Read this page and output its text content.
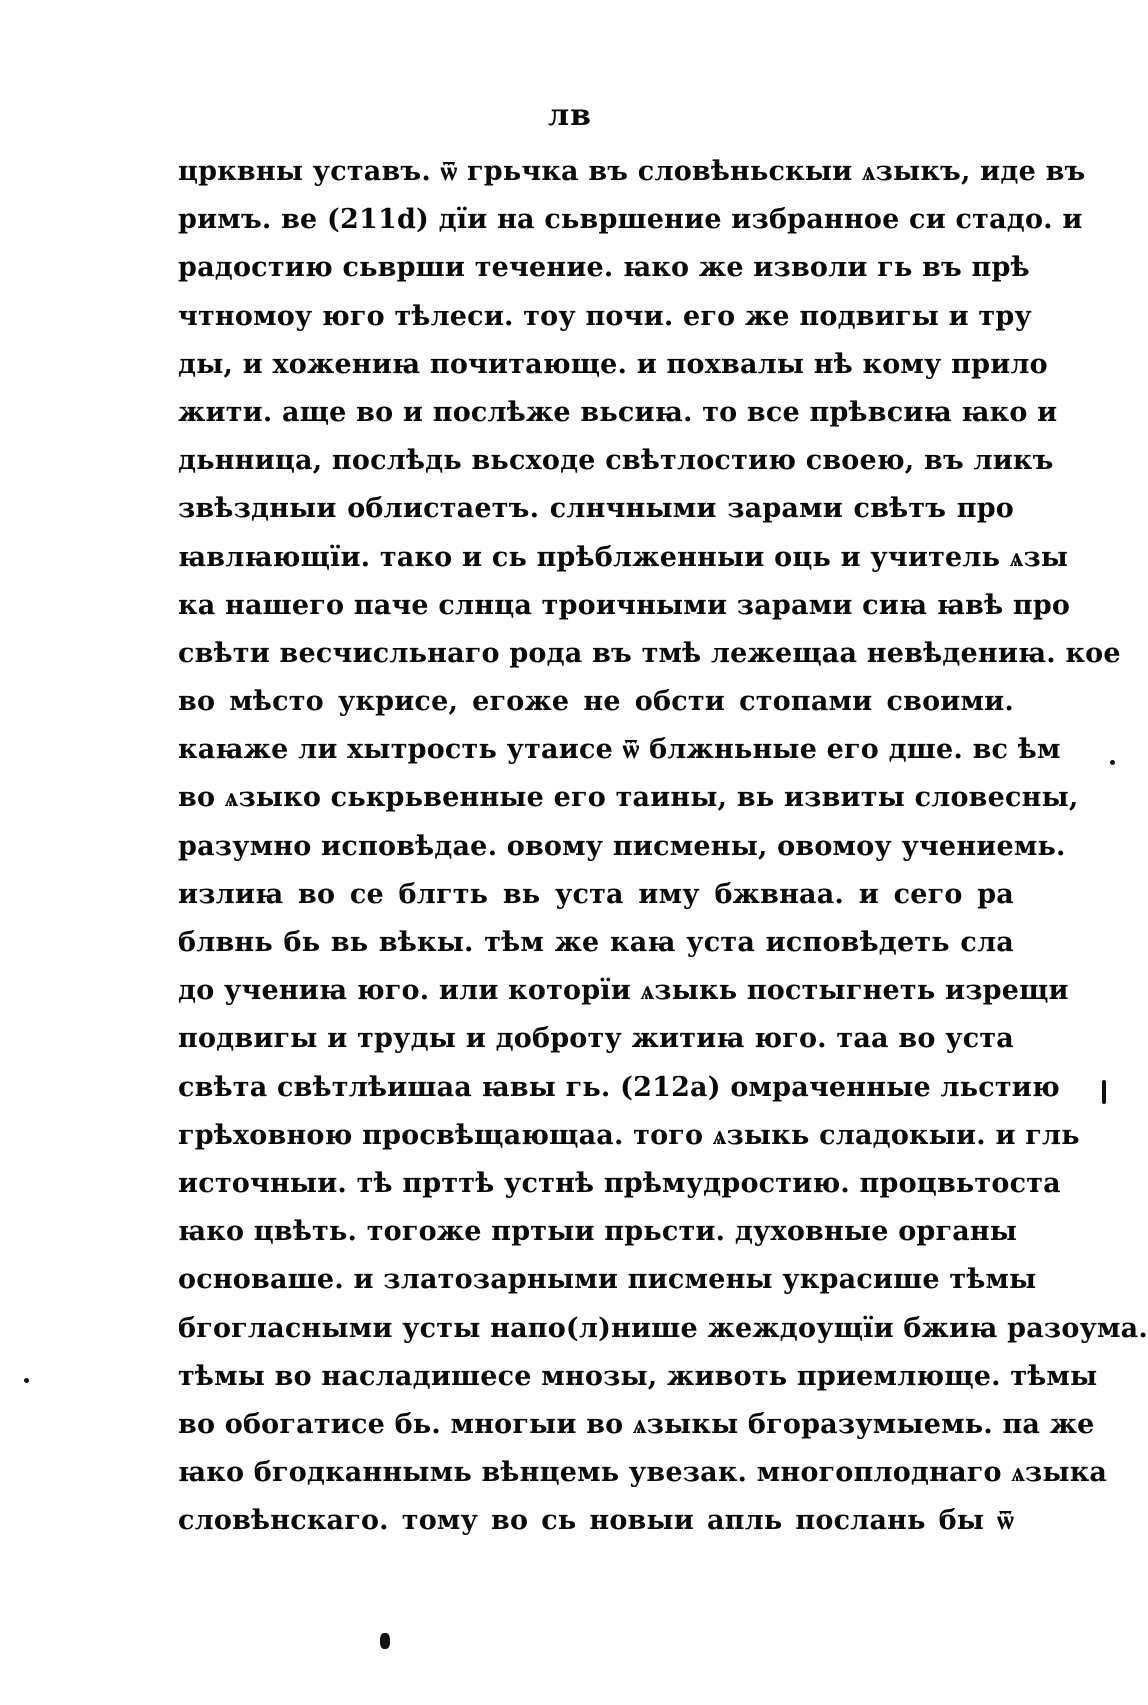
лв
црквны уставъ. ѿ грьчка въ словѣньскыи ѧзыкъ, иде въ
римъ. ве (211d) дїи на сьвршение избранное си стадо. и
радостию сьврши течение. ꙗко же изволи гь въ прѣ
чтномоу юго тѣлеси. тоу почи. его же подвигы и тру
ды, и хожениꙗ почитающе. и похвалы нѣ кому прило
жити. аще во и послѣже вьсиꙗ. то все прѣвсиꙗ ꙗко и
дьнница, послѣдь вьсходе свѣтлостию своею, въ ликъ
звѣздныи облистаетъ. слнчными зарами свѣтъ про
ꙗвлꙗющїи. тако и сь прѣблженныи оць и учитель ѧзы
ка нашего паче слнца троичными зарами сиꙗ ꙗвѣ про
свѣти весчисльнаго рода въ тмѣ лежещаа невѣдениꙗ. кое
во мѣсто укрисе, егоже не обсти стопами своими.
каꙗже ли хытрость утаисе ѿ блжньные его дше. вс ѣм
во ѧзыко ськрьвенные его таины, вь извиты словесны,
разумно исповѣдае. овому писмены, овомоу учениемь.
излиꙗ во се блгть вь уста иму бжвнаа. и сего ра
блвнь бь вь вѣкы. тѣм же каꙗ уста исповѣдеть сла
до учениꙗ юго. или которїи ѧзыкь постыгнеть изрещи
подвигы и труды и доброту житиꙗ юго. таа во уста
свѣта свѣтлѣишаа ꙗвы гь. (212a) омраченные льстию
грѣховною просвѣщающаа. того ѧзыкь сладокыи. и гль
источныи. тѣ прттѣ устнѣ прѣмудростию. процвьтоста
ꙗко цвѣть. тогоже пртыи прьсти. духовные органы
основаше. и златозарными писмены украсише тѣмы
бгогласными усты напо(л)нише жеждоущїи бжиꙗ разоума.
тѣмы во насладишесе мнозы, животь приемлюще. тѣмы
во обогатисе бь. многыи во ѧзыкы бгоразумыемь. па же
ꙗко бгодканнымь вѣнцемь увезак. многоплоднаго ѧзыка
словѣнскаго. тому во сь новыи апль послань бы ѿ
